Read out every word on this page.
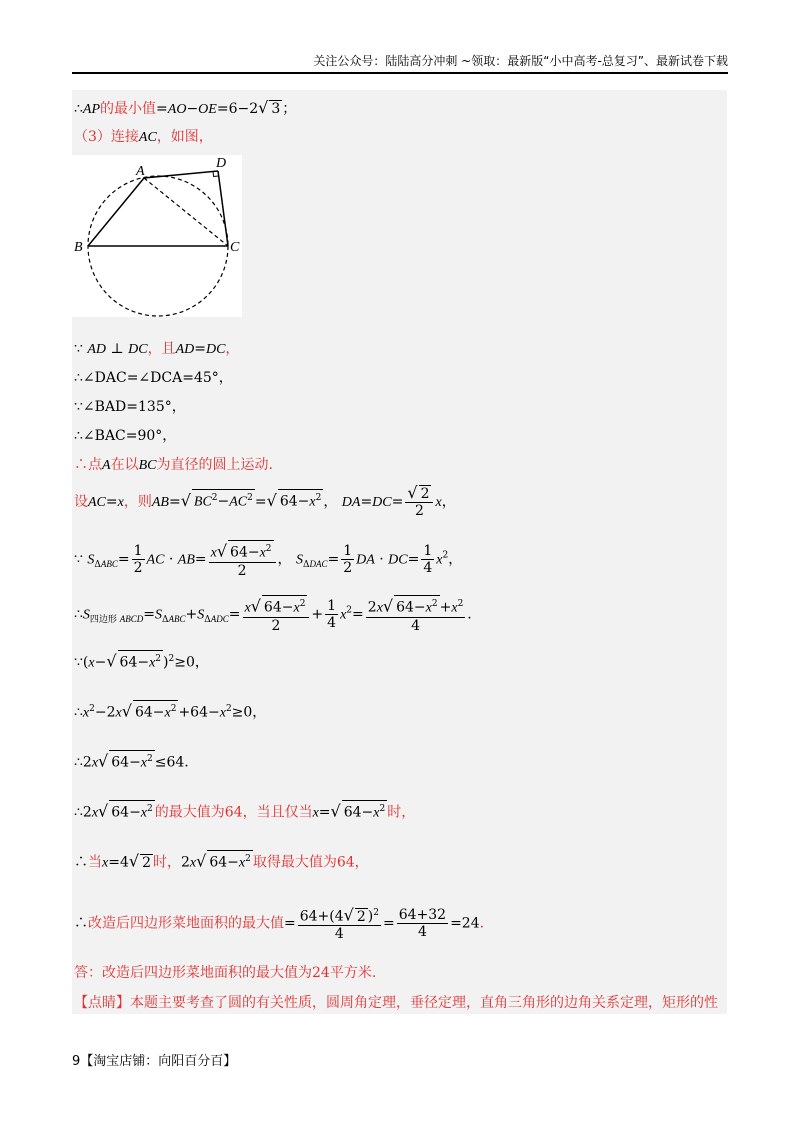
关注公众号：陆陆高分冲刺 ~领取：最新版“小中高考-总复习”、最新试卷下载
∴AP的最小值=AO−OE=6−2√ 3 ；
（3）连接AC，如图，
∵ AD ⊥ DC，且AD=DC，
∴∠DAC=∠DCA=45°，
∵∠BAD=135°，
∴∠BAC=90°，
∴点A在以BC为直径的圆上运动.
设AC=x，则AB=√ $BC^2-AC^2$ =√ $64-x^2$ ， $DA=DC= \frac{√ 2}{2}$ x，
∵ $S_{\Delta ABC}= \frac{1}{2}$ AC · $AB= \frac{x√ 64-x^2}{2}$ ， $S_{\Delta DAC}= \frac{1}{2}$ DA · $DC= \frac{1}{4} x^2$，
$\therefore S_{四边形 ABCD}=S_{\Delta ABC}+S_{\Delta ADC}= \frac{x√ 64-x^2}{2} + \frac{1}{4} x^2= \frac{2x√ 64-x^2 +x^2}{4}$ .
∵(x−√ $64-x^2$ )$^2$≥0，
$\therefore x^2-2x√$ $64-x^2 +64-x^2\ge 0$，
∴2x√ $64-x^2 \le 64$.
∴2x√ $64-x^2$ 的最大值为64，当且仅当x=√ $64-x^2$ 时，
∴当x=4√ 2 时，2x√ $64-x^2$ 取得最大值为64，
∴改造后四边形菜地面积的最大值= $\frac{64+(4√ 2 )^2}{4} = \frac{64+32}{4} =24$.
答：改造后四边形菜地面积的最大值为24平方米.
【点睛】本题主要考查了圆的有关性质，圆周角定理，垂径定理，直角三角形的边角关系定理，矩形的性
A
B	C
D
9【淘宝店铺：向阳百分百】
